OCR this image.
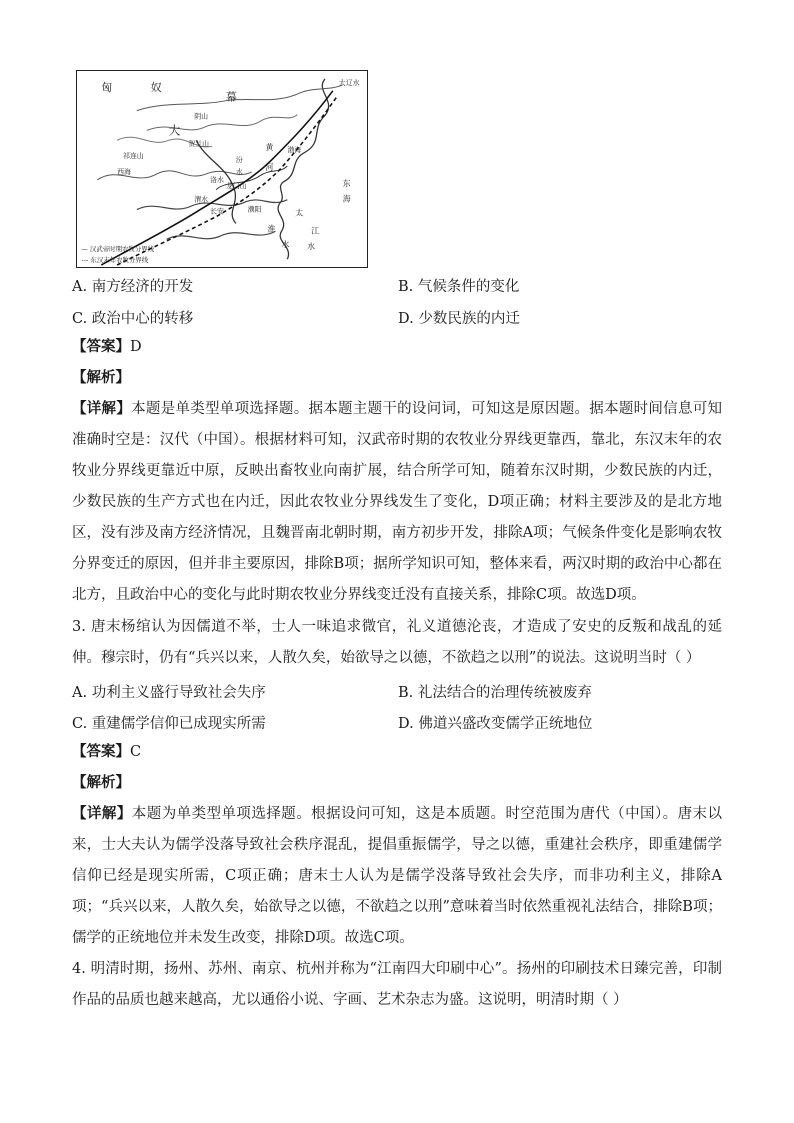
匈	奴
幕
大
阴山
贺兰山
祁连山
西海
汾
水
龙门山
洛水
渭水
长安	濮阳
淮
水
黄
河
渤海
东
海
大辽水
江
水
太
— 汉武帝时期农牧分界线
--- 东汉末年农牧分界线
A. 南方经济的开发	B. 气候条件的变化
C. 政治中心的转移	D. 少数民族的内迁
【答案】D
【解析】
【详解】本题是单类型单项选择题。据本题主题干的设问词，可知这是原因题。据本题时间信息可知准确时空是：汉代（中国）。根据材料可知，汉武帝时期的农牧业分界线更靠西，靠北，东汉末年的农牧业分界线更靠近中原，反映出畜牧业向南扩展，结合所学可知，随着东汉时期，少数民族的内迁，少数民族的生产方式也在内迁，因此农牧业分界线发生了变化，D项正确；材料主要涉及的是北方地区，没有涉及南方经济情况，且魏晋南北朝时期，南方初步开发，排除A项；气候条件变化是影响农牧分界变迁的原因，但并非主要原因，排除B项；据所学知识可知，整体来看，两汉时期的政治中心都在北方，且政治中心的变化与此时期农牧业分界线变迁没有直接关系，排除C项。故选D项。
3. 唐末杨绾认为因儒道不举，士人一味追求微官，礼义道德沦丧，才造成了安史的反叛和战乱的延伸。穆宗时，仍有“兵兴以来，人散久矣，始欲导之以德，不欲趋之以刑”的说法。这说明当时（ ）
A. 功利主义盛行导致社会失序	B. 礼法结合的治理传统被废弃
C. 重建儒学信仰已成现实所需	D. 佛道兴盛改变儒学正统地位
【答案】C
【解析】
【详解】本题为单类型单项选择题。根据设问可知，这是本质题。时空范围为唐代（中国）。唐末以来，士大夫认为儒学没落导致社会秩序混乱，提倡重振儒学，导之以德，重建社会秩序，即重建儒学信仰已经是现实所需，C项正确；唐末士人认为是儒学没落导致社会失序，而非功利主义，排除A项；“兵兴以来，人散久矣，始欲导之以德，不欲趋之以刑”意味着当时依然重视礼法结合，排除B项；儒学的正统地位并未发生改变，排除D项。故选C项。
4. 明清时期，扬州、苏州、南京、杭州并称为“江南四大印刷中心”。扬州的印刷技术日臻完善，印制作品的品质也越来越高，尤以通俗小说、字画、艺术杂志为盛。这说明，明清时期（ ）
